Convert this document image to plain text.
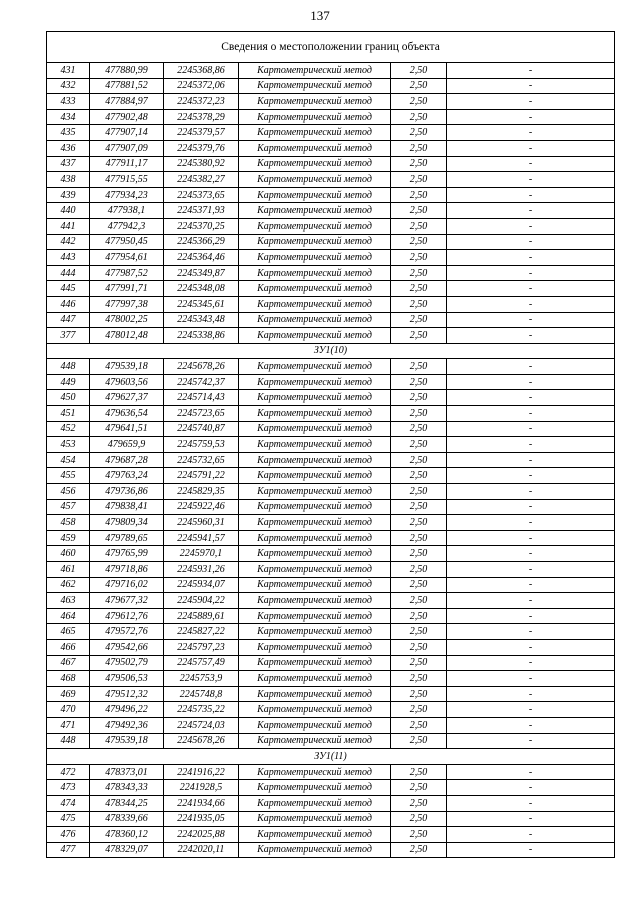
137
Сведения о местоположении границ объекта					
431	477880,99	2245368,86	Картометрический метод	2,50	-
432	477881,52	2245372,06	Картометрический метод	2,50	-
433	477884,97	2245372,23	Картометрический метод	2,50	-
434	477902,48	2245378,29	Картометрический метод	2,50	-
435	477907,14	2245379,57	Картометрический метод	2,50	-
436	477907,09	2245379,76	Картометрический метод	2,50	-
437	477911,17	2245380,92	Картометрический метод	2,50	-
438	477915,55	2245382,27	Картометрический метод	2,50	-
439	477934,23	2245373,65	Картометрический метод	2,50	-
440	477938,1	2245371,93	Картометрический метод	2,50	-
441	477942,3	2245370,25	Картометрический метод	2,50	-
442	477950,45	2245366,29	Картометрический метод	2,50	-
443	477954,61	2245364,46	Картометрический метод	2,50	-
444	477987,52	2245349,87	Картометрический метод	2,50	-
445	477991,71	2245348,08	Картометрический метод	2,50	-
446	477997,38	2245345,61	Картометрический метод	2,50	-
447	478002,25	2245343,48	Картометрический метод	2,50	-
377	478012,48	2245338,86	Картометрический метод	2,50	-
ЗУ1(10)					
448	479539,18	2245678,26	Картометрический метод	2,50	-
449	479603,56	2245742,37	Картометрический метод	2,50	-
450	479627,37	2245714,43	Картометрический метод	2,50	-
451	479636,54	2245723,65	Картометрический метод	2,50	-
452	479641,51	2245740,87	Картометрический метод	2,50	-
453	479659,9	2245759,53	Картометрический метод	2,50	-
454	479687,28	2245732,65	Картометрический метод	2,50	-
455	479763,24	2245791,22	Картометрический метод	2,50	-
456	479736,86	2245829,35	Картометрический метод	2,50	-
457	479838,41	2245922,46	Картометрический метод	2,50	-
458	479809,34	2245960,31	Картометрический метод	2,50	-
459	479789,65	2245941,57	Картометрический метод	2,50	-
460	479765,99	2245970,1	Картометрический метод	2,50	-
461	479718,86	2245931,26	Картометрический метод	2,50	-
462	479716,02	2245934,07	Картометрический метод	2,50	-
463	479677,32	2245904,22	Картометрический метод	2,50	-
464	479612,76	2245889,61	Картометрический метод	2,50	-
465	479572,76	2245827,22	Картометрический метод	2,50	-
466	479542,66	2245797,23	Картометрический метод	2,50	-
467	479502,79	2245757,49	Картометрический метод	2,50	-
468	479506,53	2245753,9	Картометрический метод	2,50	-
469	479512,32	2245748,8	Картометрический метод	2,50	-
470	479496,22	2245735,22	Картометрический метод	2,50	-
471	479492,36	2245724,03	Картометрический метод	2,50	-
448	479539,18	2245678,26	Картометрический метод	2,50	-
ЗУ1(11)					
472	478373,01	2241916,22	Картометрический метод	2,50	-
473	478343,33	2241928,5	Картометрический метод	2,50	-
474	478344,25	2241934,66	Картометрический метод	2,50	-
475	478339,66	2241935,05	Картометрический метод	2,50	-
476	478360,12	2242025,88	Картометрический метод	2,50	-
477	478329,07	2242020,11	Картометрический метод	2,50	-
